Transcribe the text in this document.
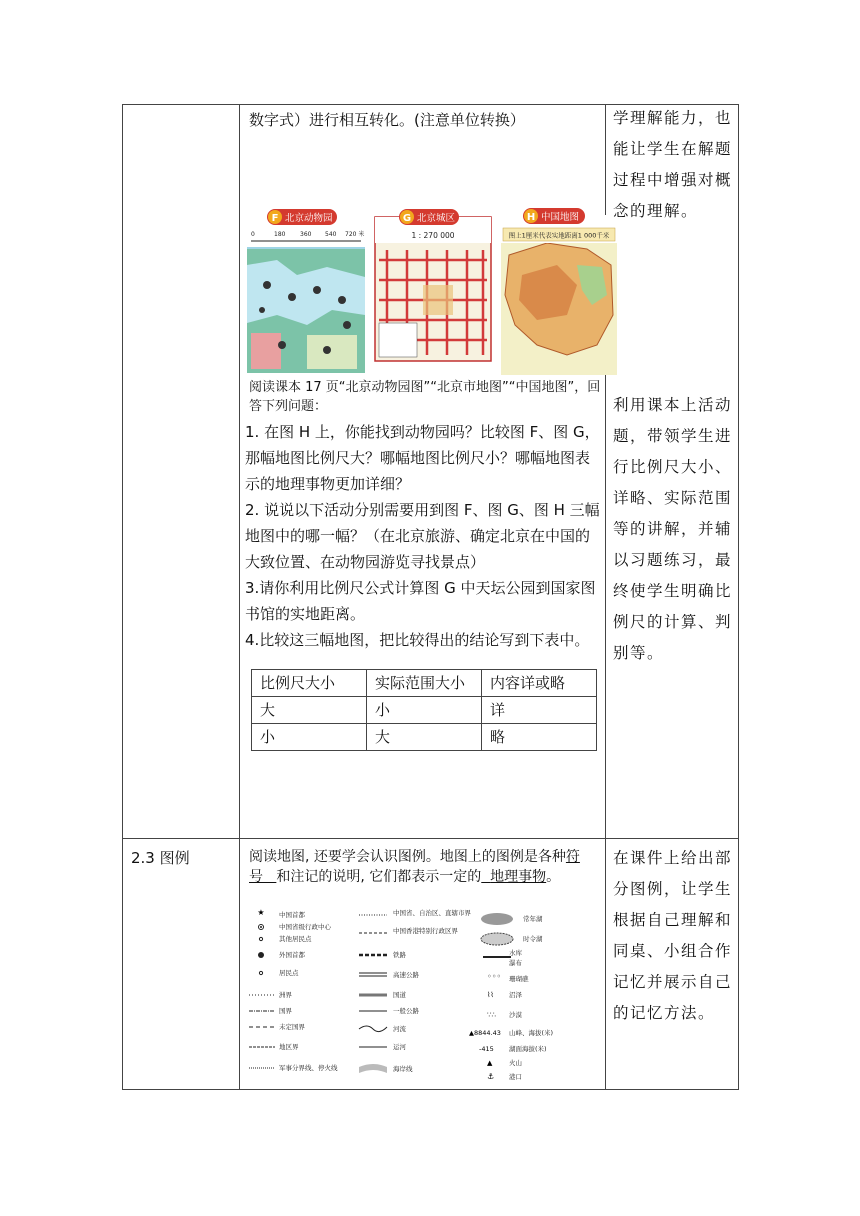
数字式）进行相互转化。(注意单位转换）
F 北京动物园
0	180 360 540 720 米
G 北京城区
1 : 270 000
H 中国地图
图上1厘米代表实地距离1 000千米
阅读课本 17 页“北京动物园图”“北京市地图”“中国地图”，回答下列问题：
1. 在图 H 上，你能找到动物园吗？比较图 F、图 G，那幅地图比例尺大？哪幅地图比例尺小？哪幅地图表示的地理事物更加详细？
2. 说说以下活动分别需要用到图 F、图 G、图 H 三幅地图中的哪一幅？（在北京旅游、确定北京在中国的大致位置、在动物园游览寻找景点）
3.请你利用比例尺公式计算图 G 中天坛公园到国家图书馆的实地距离。
4.比较这三幅地图，把比较得出的结论写到下表中。
比例尺大小	实际范围大小	内容详或略
大	小	详
小	大	略
学理解能力，也能让学生在解题过程中增强对概念的理解。
利用课本上活动题，带领学生进行比例尺大小、详略、实际范围等的讲解，并辅以习题练习，最终使学生明确比例尺的计算、判别等。
2.3 图例	阅读地图, 还要学会认识图例。地图上的图例是各种符号 和注记的说明, 它们都表示一定的 地理事物。
★ 中国首都
中国省级行政中心
其他居民点
外国首都
居民点
洲界
国界
未定国界
地区界
军事分界线、停火线
中国省、自治区、直辖市界
中国香港特别行政区界
铁路
高速公路
国道
一般公路
河流
运河
海岸线
◦◦◦
⌇⌇
∵∴
▲8844.43
-415
▲
⚓
常年湖
时令湖
水库
瀑布
珊瑚礁
沼泽
沙漠
山峰、海拔(米)
湖面海拔(米)
火山
港口
在课件上给出部分图例，让学生根据自己理解和同桌、小组合作记忆并展示自己的记忆方法。
